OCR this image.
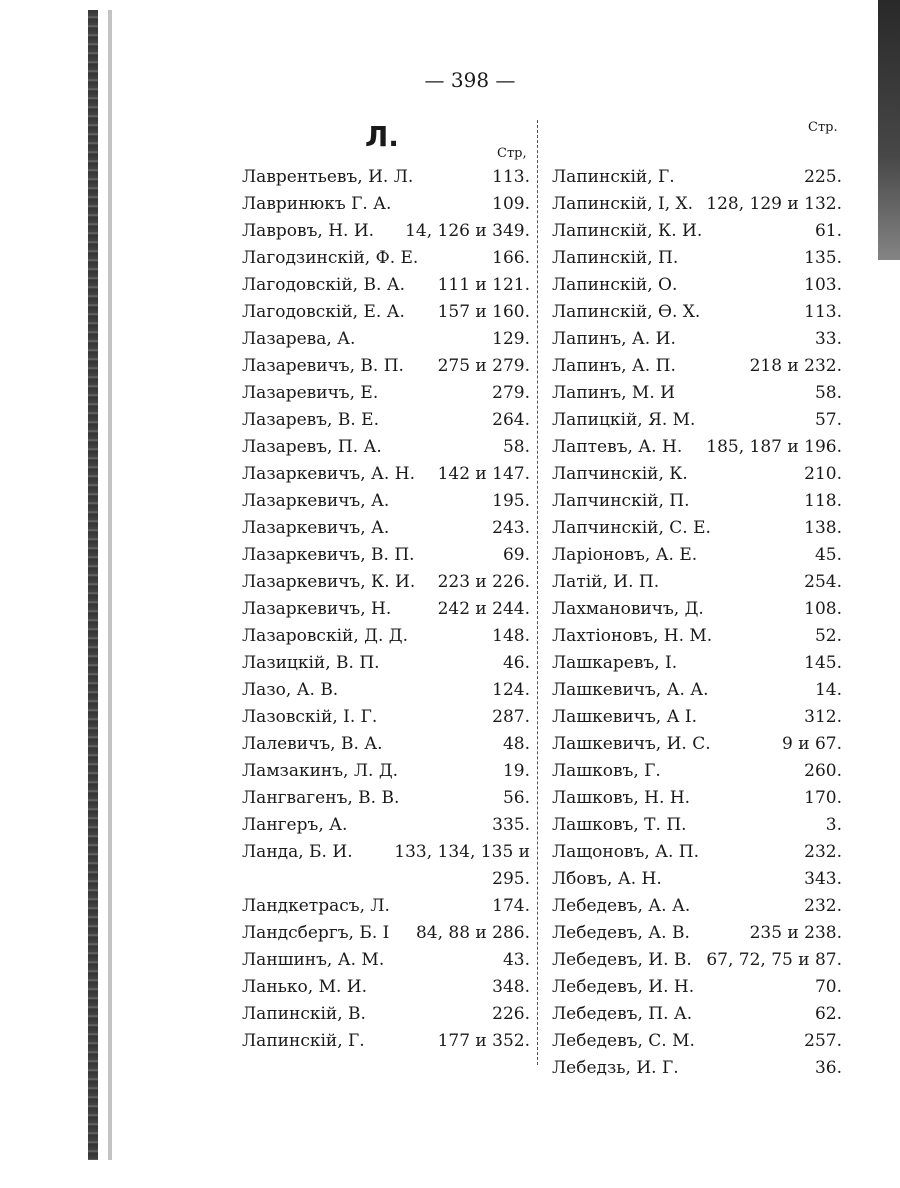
— 398 —
Л.
Стр,
Стр.
Лаврентьевъ, И. Л.	113.
Лавринюкъ Г. А.	109.
Лавровъ, Н. И. 14, 126 и 349.
Лагодзинскій, Ф. Е.	166.
Лагодовскій, В. А. 111 и 121.
Лагодовскій, Е. А. 157 и 160.
Лазарева, А.	129.
Лазаревичъ, В. П. 275 и 279.
Лазаревичъ, Е.	279.
Лазаревъ, В. Е.	264.
Лазаревъ, П. А.	58.
Лазаркевичъ, А. Н. 142 и 147.
Лазаркевичъ, А.	195.
Лазаркевичъ, А.	243.
Лазаркевичъ, В. П.	69.
Лазаркевичъ, К. И. 223 и 226.
Лазаркевичъ, Н.	242 и 244.
Лазаровскій, Д. Д.	148.
Лазицкій, В. П.	46.
Лазо, А. В.	124.
Лазовскій, І. Г.	287.
Лалевичъ, В. А.	48.
Ламзакинъ, Л. Д.	19.
Лангвагенъ, В. В.	56.
Лангеръ, А.	335.
Ланда, Б. И. 133, 134, 135 и
295.
Ландкетрасъ, Л.	174.
Ландсбергъ, Б. I 84, 88 и 286.
Ланшинъ, А. М.	43.
Ланько, М. И.	348.
Лапинскій, В.	226.
Лапинскій, Г.	177 и 352.
Лапинскій, Г.	225.
Лапинскій, І, Х. 128, 129 и 132.
Лапинскій, К. И.	61.
Лапинскій, П.	135.
Лапинскій, О.	103.
Лапинскій, Ѳ. Х.	113.
Лапинъ, А. И.	33.
Лапинъ, А. П.	218 и 232.
Лапинъ, М. И	58.
Лапицкій, Я. М.	57.
Лаптевъ, А. Н. 185, 187 и 196.
Лапчинскій, К.	210.
Лапчинскій, П.	118.
Лапчинскій, С. Е.	138.
Ларіоновъ, А. Е.	45.
Латій, И. П.	254.
Лахмановичъ, Д.	108.
Лахтіоновъ, Н. М.	52.
Лашкаревъ, І.	145.
Лашкевичъ, А. А.	14.
Лашкевичъ, А І.	312.
Лашкевичъ, И. С.	9 и 67.
Лашковъ, Г.	260.
Лашковъ, Н. Н.	170.
Лашковъ, Т. П.	3.
Лащоновъ, А. П.	232.
Лбовъ, А. Н.	343.
Лебедевъ, А. А.	232.
Лебедевъ, А. В.	235 и 238.
Лебедевъ, И. В. 67, 72, 75 и 87.
Лебедевъ, И. Н.	70.
Лебедевъ, П. А.	62.
Лебедевъ, С. М.	257.
Лебедзь, И. Г.	36.
